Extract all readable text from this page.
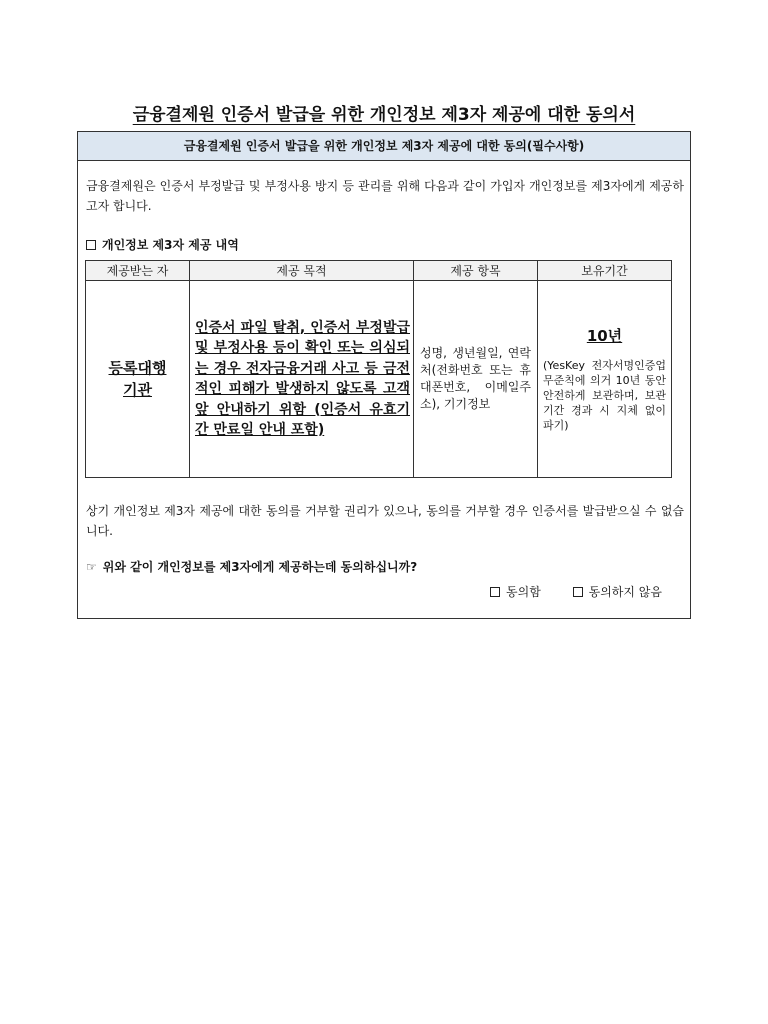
금융결제원 인증서 발급을 위한 개인정보 제3자 제공에 대한 동의서
금융결제원 인증서 발급을 위한 개인정보 제3자 제공에 대한 동의(필수사항)
금융결제원은 인증서 부정발급 및 부정사용 방지 등 관리를 위해 다음과 같이 가입자 개인정보를 제3자에게 제공하고자 합니다.
개인정보 제3자 제공 내역
제공받는 자	제공 목적	제공 항목	보유기간

등록대행 기관	인증서 파일 탈취, 인증서 부정발급 및 부정사용 등이 확인 또는 의심되는 경우 전자금융거래 사고 등 금전적인 피해가 발생하지 않도록 고객 앞 안내하기 위함 (인증서 유효기간 만료일 안내 포함)	성명, 생년월일, 연락처(전화번호 또는 휴대폰번호, 이메일주소), 기기정보	10년
(YesKey 전자서명인증업무준칙에 의거 10년 동안 안전하게 보관하며, 보관기간 경과 시 지체 없이 파기)
상기 개인정보 제3자 제공에 대한 동의를 거부할 권리가 있으나, 동의를 거부할 경우 인증서를 발급받으실 수 없습니다.
☞ 위와 같이 개인정보를 제3자에게 제공하는데 동의하십니까?
동의함	동의하지 않음
